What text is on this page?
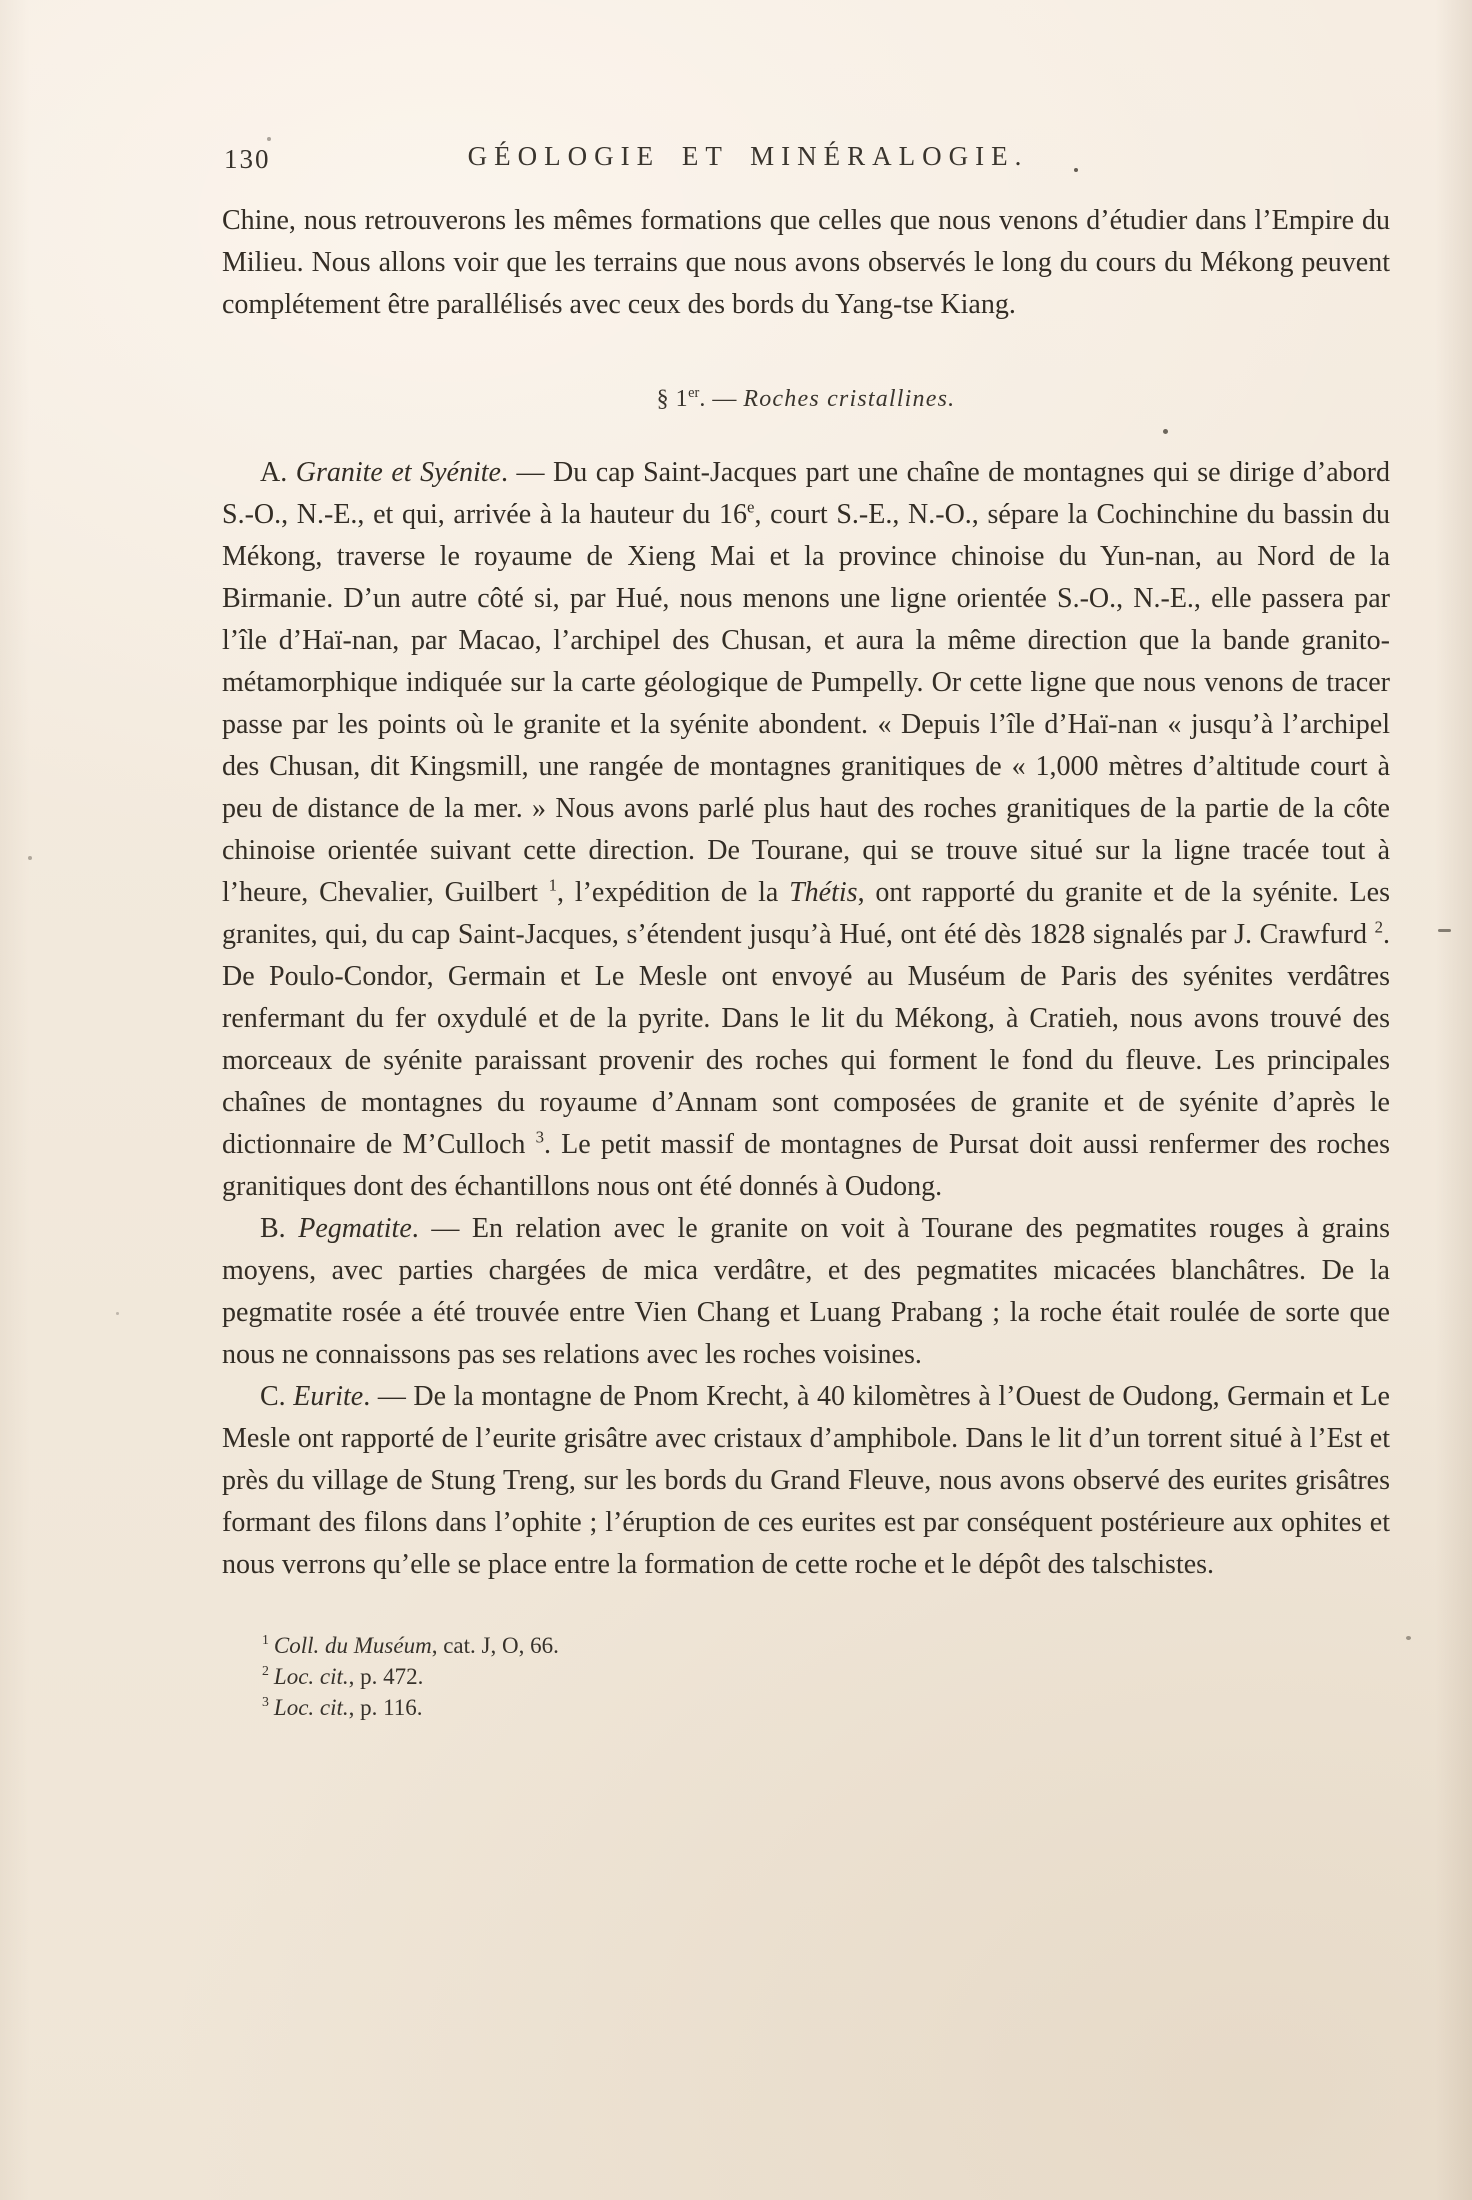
130	GÉOLOGIE ET MINÉRALOGIE.

Chine, nous retrouverons les mêmes formations que celles que nous venons d’étudier dans l’Empire du Milieu. Nous allons voir que les terrains que nous avons observés le long du cours du Mékong peuvent complétement être parallélisés avec ceux des bords du Yang-tse Kiang.

§ 1er. — Roches cristallines.

A. Granite et Syénite. — Du cap Saint-Jacques part une chaîne de montagnes qui se dirige d’abord S.-O., N.-E., et qui, arrivée à la hauteur du 16e, court S.-E., N.-O., sépare la Cochinchine du bassin du Mékong, traverse le royaume de Xieng Mai et la province chinoise du Yun-nan, au Nord de la Birmanie. D’un autre côté si, par Hué, nous menons une ligne orientée S.-O., N.-E., elle passera par l’île d’Haï-nan, par Macao, l’archipel des Chusan, et aura la même direction que la bande granito-métamorphique indiquée sur la carte géologique de Pumpelly. Or cette ligne que nous venons de tracer passe par les points où le granite et la syénite abondent. « Depuis l’île d’Haï-nan « jusqu’à l’archipel des Chusan, dit Kingsmill, une rangée de montagnes granitiques de « 1,000 mètres d’altitude court à peu de distance de la mer. » Nous avons parlé plus haut des roches granitiques de la partie de la côte chinoise orientée suivant cette direction. De Tourane, qui se trouve situé sur la ligne tracée tout à l’heure, Chevalier, Guilbert $^1$, l’expédition de la Thétis, ont rapporté du granite et de la syénite. Les granites, qui, du cap Saint-Jacques, s’étendent jusqu’à Hué, ont été dès 1828 signalés par J. Crawfurd $^2$. De Poulo-Condor, Germain et Le Mesle ont envoyé au Muséum de Paris des syénites verdâtres renfermant du fer oxydulé et de la pyrite. Dans le lit du Mékong, à Cratieh, nous avons trouvé des morceaux de syénite paraissant provenir des roches qui forment le fond du fleuve. Les principales chaînes de montagnes du royaume d’Annam sont composées de granite et de syénite d’après le dictionnaire de M’Culloch $^3$. Le petit massif de montagnes de Pursat doit aussi renfermer des roches granitiques dont des échantillons nous ont été donnés à Oudong.

B. Pegmatite. — En relation avec le granite on voit à Tourane des pegmatites rouges à grains moyens, avec parties chargées de mica verdâtre, et des pegmatites micacées blanchâtres. De la pegmatite rosée a été trouvée entre Vien Chang et Luang Prabang ; la roche était roulée de sorte que nous ne connaissons pas ses relations avec les roches voisines.

C. Eurite. — De la montagne de Pnom Krecht, à 40 kilomètres à l’Ouest de Oudong, Germain et Le Mesle ont rapporté de l’eurite grisâtre avec cristaux d’amphibole. Dans le lit d’un torrent situé à l’Est et près du village de Stung Treng, sur les bords du Grand Fleuve, nous avons observé des eurites grisâtres formant des filons dans l’ophite ; l’éruption de ces eurites est par conséquent postérieure aux ophites et nous verrons qu’elle se place entre la formation de cette roche et le dépôt des talschistes.

$^1$ Coll. du Muséum, cat. J, O, 66.

$^2$ Loc. cit., p. 472.

$^3$ Loc. cit., p. 116.
